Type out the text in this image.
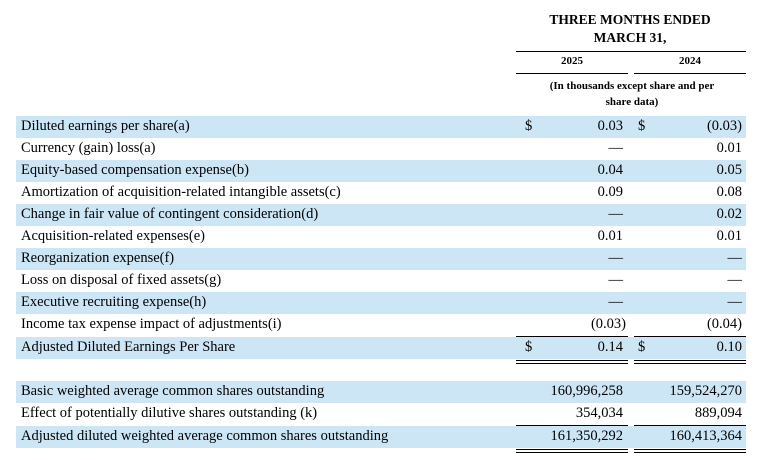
THREE MONTHS ENDED
MARCH 31,
2025	2024
(In thousands except share and per
share data)
Diluted earnings per share(a)	$	0.03 $	(0.03)
Currency (gain) loss(a)	—	0.01
Equity-based compensation expense(b)	0.04	0.05
Amortization of acquisition-related intangible assets(c)	0.09	0.08
Change in fair value of contingent consideration(d)	—	0.02
Acquisition-related expenses(e)	0.01	0.01
Reorganization expense(f)	—	—
Loss on disposal of fixed assets(g)	—	—
Executive recruiting expense(h)	—	—
Income tax expense impact of adjustments(i)	(0.03)	(0.04)
Adjusted Diluted Earnings Per Share	$	0.14 $	0.10
Basic weighted average common shares outstanding	160,996,258	159,524,270
Effect of potentially dilutive shares outstanding (k)	354,034	889,094
Adjusted diluted weighted average common shares outstanding	161,350,292	160,413,364
